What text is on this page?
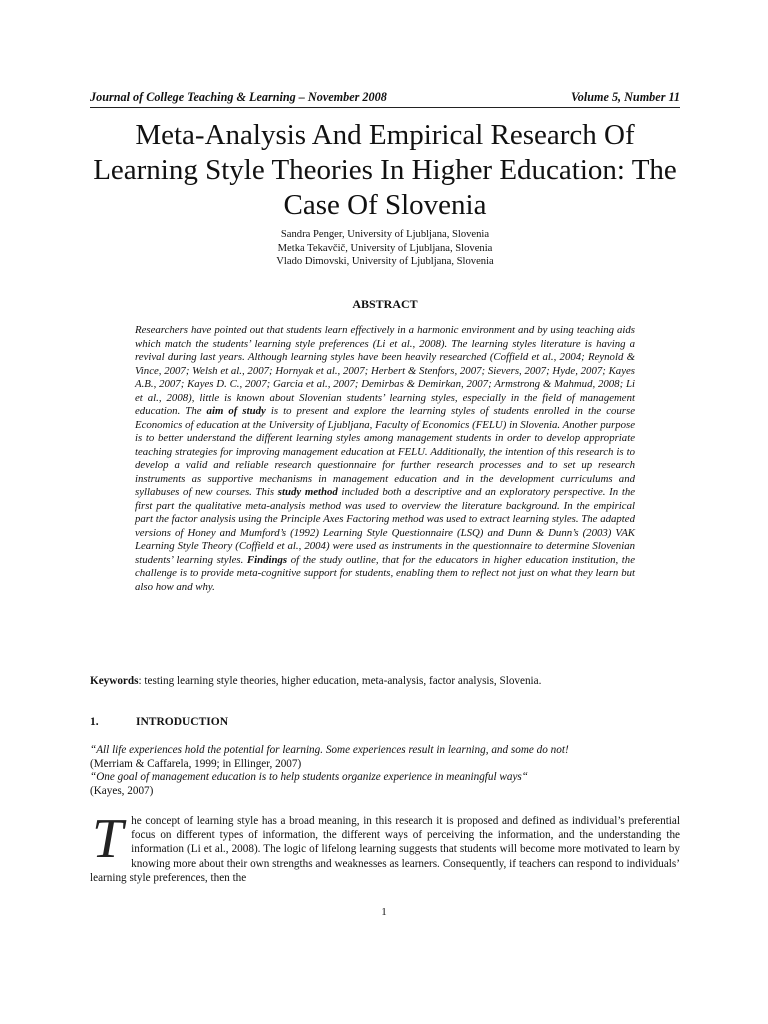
Journal of College Teaching & Learning – November 2008	Volume 5, Number 11
Meta-Analysis And Empirical Research Of Learning Style Theories In Higher Education: The Case Of Slovenia
Sandra Penger, University of Ljubljana, Slovenia
Metka Tekavčič, University of Ljubljana, Slovenia
Vlado Dimovski, University of Ljubljana, Slovenia
ABSTRACT

Researchers have pointed out that students learn effectively in a harmonic environment and by using teaching aids which match the students’ learning style preferences (Li et al., 2008). The learning styles literature is having a revival during last years. Although learning styles have been heavily researched (Coffield et al., 2004; Reynold & Vince, 2007; Welsh et al., 2007; Hornyak et al., 2007; Herbert & Stenfors, 2007; Sievers, 2007; Hyde, 2007; Kayes A.B., 2007; Kayes D. C., 2007; Garcia et al., 2007; Demirbas & Demirkan, 2007; Armstrong & Mahmud, 2008; Li et al., 2008), little is known about Slovenian students’ learning styles, especially in the field of management education. The aim of study is to present and explore the learning styles of students enrolled in the course Economics of education at the University of Ljubljana, Faculty of Economics (FELU) in Slovenia. Another purpose is to better understand the different learning styles among management students in order to develop appropriate teaching strategies for improving management education at FELU. Additionally, the intention of this research is to develop a valid and reliable research questionnaire for further research processes and to set up research instruments as supportive mechanisms in management education and in the development curriculums and syllabuses of new courses. This study method included both a descriptive and an exploratory perspective. In the first part the qualitative meta-analysis method was used to overview the literature background. In the empirical part the factor analysis using the Principle Axes Factoring method was used to extract learning styles. The adapted versions of Honey and Mumford’s (1992) Learning Style Questionnaire (LSQ) and Dunn & Dunn’s (2003) VAK Learning Style Theory (Coffield et al., 2004) were used as instruments in the questionnaire to determine Slovenian students’ learning styles. Findings of the study outline, that for the educators in higher education institution, the challenge is to provide meta-cognitive support for students, enabling them to reflect not just on what they learn but also how and why.

Keywords: testing learning style theories, higher education, meta-analysis, factor analysis, Slovenia.

1.	INTRODUCTION

“All life experiences hold the potential for learning. Some experiences result in learning, and some do not!

(Merriam & Caffarela, 1999; in Ellinger, 2007)

“One goal of management education is to help students organize experience in meaningful ways“

(Kayes, 2007)

The concept of learning style has a broad meaning, in this research it is proposed and defined as individual’s preferential focus on different types of information, the different ways of perceiving the information, and the understanding the information (Li et al., 2008). The logic of lifelong learning suggests that students will become more motivated to learn by knowing more about their own strengths and weaknesses as learners. Consequently, if teachers can respond to individuals’ learning style preferences, then the

1
